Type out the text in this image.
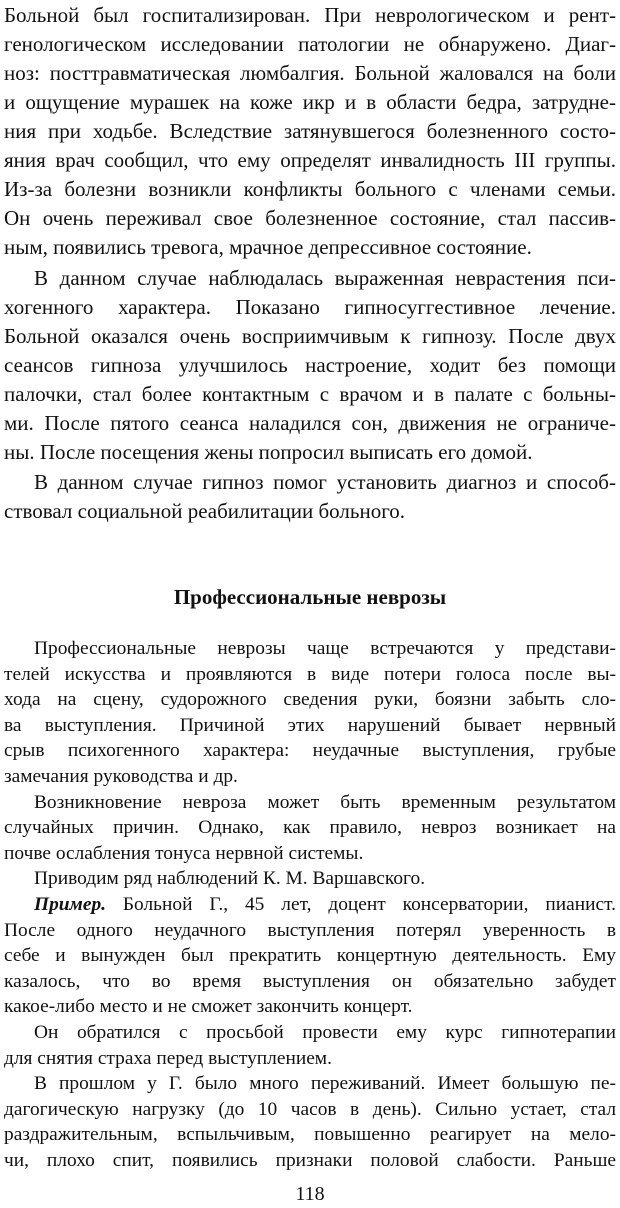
Больной был госпитализирован. При неврологическом и рент-
генологическом исследовании патологии не обнаружено. Диаг-
ноз: посттравматическая люмбалгия. Больной жаловался на боли
и ощущение мурашек на коже икр и в области бедра, затрудне-
ния при ходьбе. Вследствие затянувшегося болезненного состо-
яния врач сообщил, что ему определят инвалидность III группы.
Из-за болезни возникли конфликты больного с членами семьи.
Он очень переживал свое болезненное состояние, стал пассив-
ным, появились тревога, мрачное депрессивное состояние.
В данном случае наблюдалась выраженная неврастения пси-
хогенного характера. Показано гипносуггестивное лечение.
Больной оказался очень восприимчивым к гипнозу. После двух
сеансов гипноза улучшилось настроение, ходит без помощи
палочки, стал более контактным с врачом и в палате с больны-
ми. После пятого сеанса наладился сон, движения не ограниче-
ны. После посещения жены попросил выписать его домой.
В данном случае гипноз помог установить диагноз и способ-
ствовал социальной реабилитации больного.
Профессиональные неврозы
Профессиональные неврозы чаще встречаются у представи-
телей искусства и проявляются в виде потери голоса после вы-
хода на сцену, судорожного сведения руки, боязни забыть сло-
ва выступления. Причиной этих нарушений бывает нервный
срыв психогенного характера: неудачные выступления, грубые
замечания руководства и др.
Возникновение невроза может быть временным результатом
случайных причин. Однако, как правило, невроз возникает на
почве ослабления тонуса нервной системы.
Приводим ряд наблюдений К. М. Варшавского.
Пример. Больной Г., 45 лет, доцент консерватории, пианист.
После одного неудачного выступления потерял уверенность в
себе и вынужден был прекратить концертную деятельность. Ему
казалось, что во время выступления он обязательно забудет
какое-либо место и не сможет закончить концерт.
Он обратился с просьбой провести ему курс гипнотерапии
для снятия страха перед выступлением.
В прошлом у Г. было много переживаний. Имеет большую пе-
дагогическую нагрузку (до 10 часов в день). Сильно устает, стал
раздражительным, вспыльчивым, повышенно реагирует на мело-
чи, плохо спит, появились признаки половой слабости. Раньше
118
